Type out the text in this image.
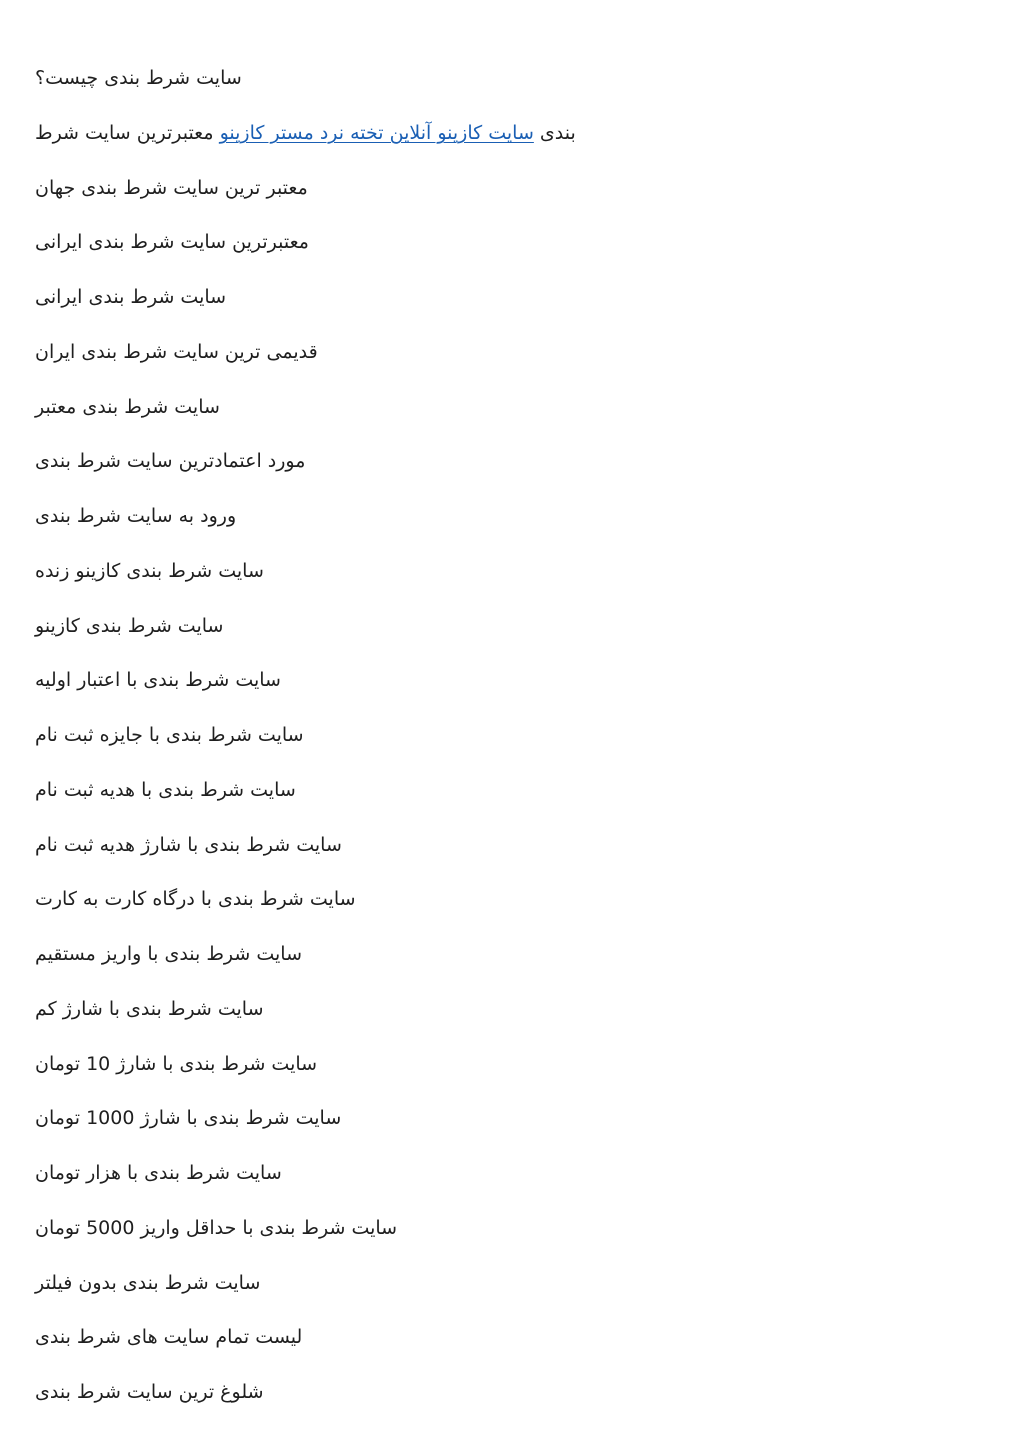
سایت شرط بندی چیست؟
معتبرترین سایت شرط سایت کازینو آنلاین تخته نرد مستر کازینو بندی
معتبر ترین سایت شرط بندی جهان
معتبرترین سایت شرط بندی ایرانی
سایت شرط بندی ایرانی
قدیمی ترین سایت شرط بندی ایران
سایت شرط بندی معتبر
مورد اعتمادترین سایت شرط بندی
ورود به سایت شرط بندی
سایت شرط بندی کازینو زنده
سایت شرط بندی کازینو
سایت شرط بندی با اعتبار اولیه
سایت شرط بندی با جایزه ثبت نام
سایت شرط بندی با هدیه ثبت نام
سایت شرط بندی با شارژ هدیه ثبت نام
سایت شرط بندی با درگاه کارت به کارت
سایت شرط بندی با واریز مستقیم
سایت شرط بندی با شارژ کم
سایت شرط بندی با شارژ 10 تومان
سایت شرط بندی با شارژ 1000 تومان
سایت شرط بندی با هزار تومان
سایت شرط بندی با حداقل واریز 5000 تومان
سایت شرط بندی بدون فیلتر
لیست تمام سایت های شرط بندی
شلوغ ترین سایت شرط بندی
